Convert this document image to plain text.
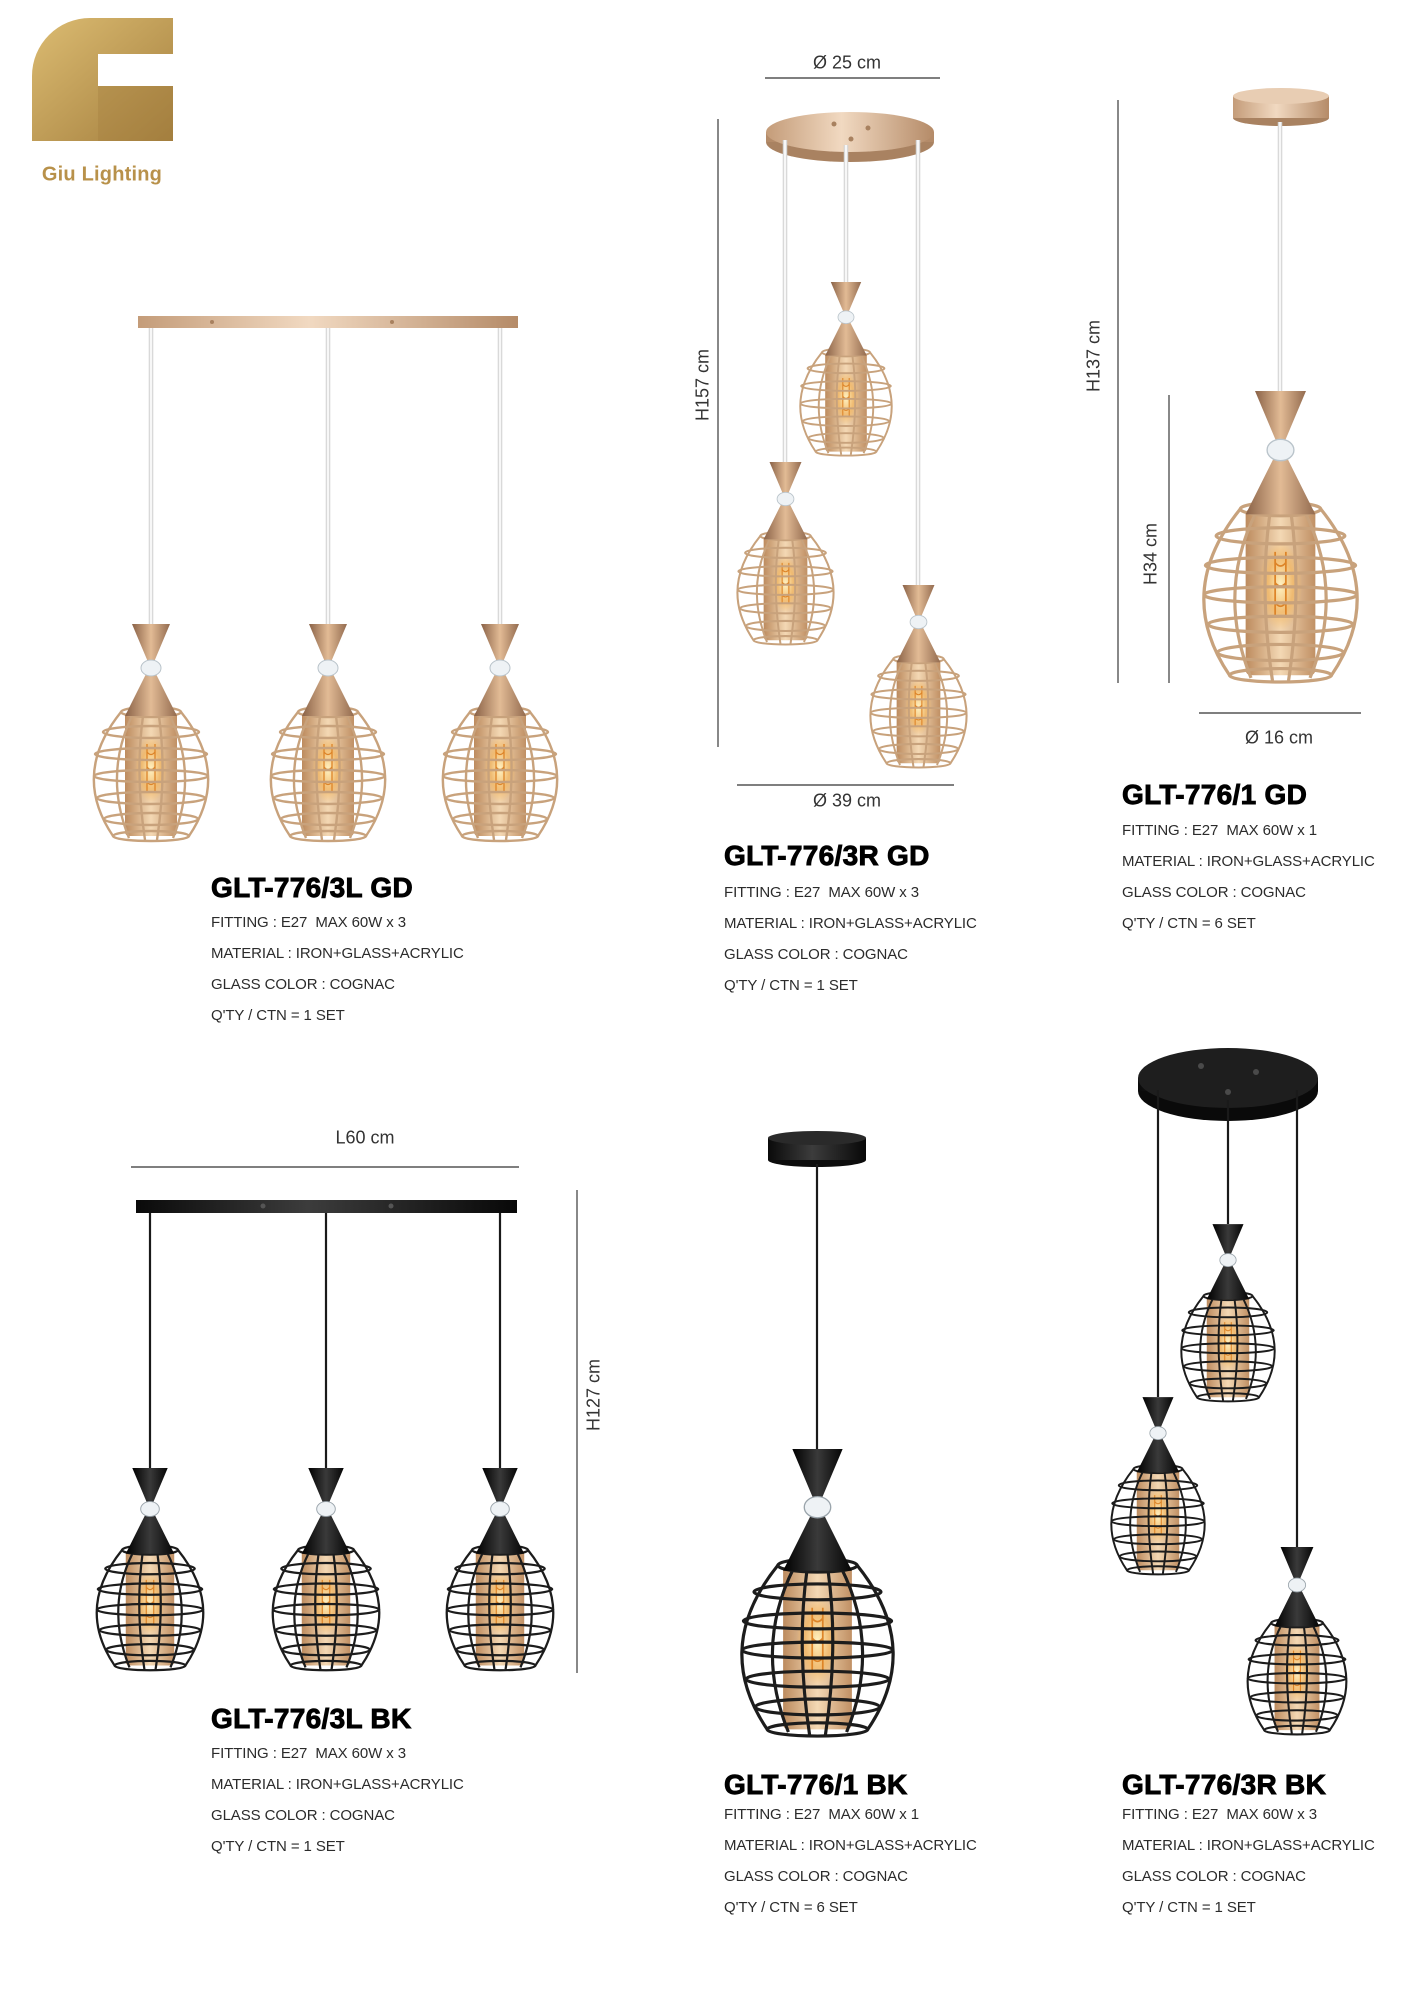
Giu Lighting
Ø 25 cm
H157 cm
Ø 39 cm
H137 cm
H34 cm
Ø 16 cm
L60 cm
H127 cm
GLT-776/3L GD
FITTING : E27  MAX 60W x 3
MATERIAL : IRON+GLASS+ACRYLIC
GLASS COLOR : COGNAC
Q'TY / CTN = 1 SET
GLT-776/3R GD
FITTING : E27  MAX 60W x 3
MATERIAL : IRON+GLASS+ACRYLIC
GLASS COLOR : COGNAC
Q'TY / CTN = 1 SET
GLT-776/1 GD
FITTING : E27  MAX 60W x 1
MATERIAL : IRON+GLASS+ACRYLIC
GLASS COLOR : COGNAC
Q'TY / CTN = 6 SET
GLT-776/3L BK
FITTING : E27  MAX 60W x 3
MATERIAL : IRON+GLASS+ACRYLIC
GLASS COLOR : COGNAC
Q'TY / CTN = 1 SET
GLT-776/1 BK
FITTING : E27  MAX 60W x 1
MATERIAL : IRON+GLASS+ACRYLIC
GLASS COLOR : COGNAC
Q'TY / CTN = 6 SET
GLT-776/3R BK
FITTING : E27  MAX 60W x 3
MATERIAL : IRON+GLASS+ACRYLIC
GLASS COLOR : COGNAC
Q'TY / CTN = 1 SET
